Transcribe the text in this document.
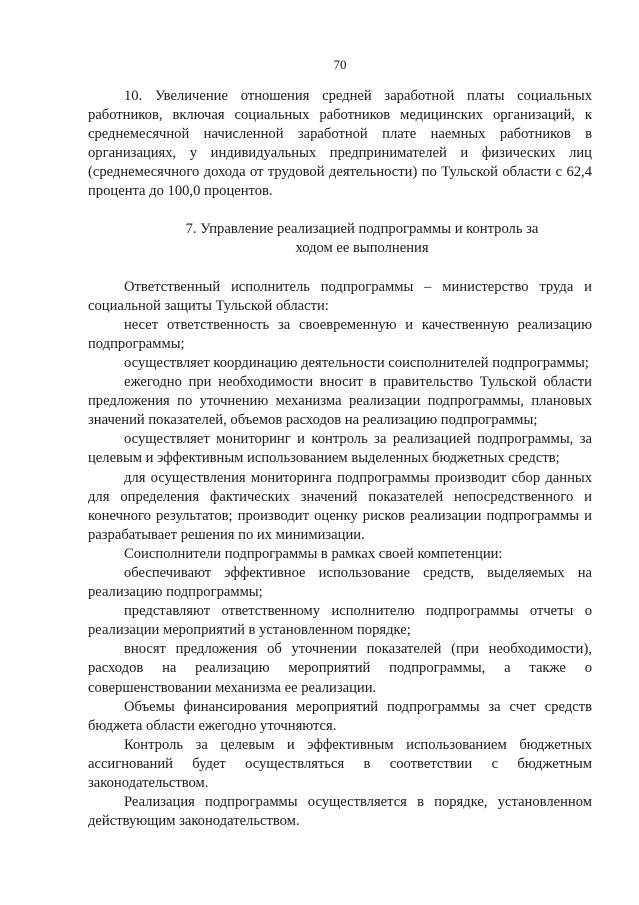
70

10. Увеличение отношения средней заработной платы социальных работников, включая социальных работников медицинских организаций, к среднемесячной начисленной заработной плате наемных работников в организациях, у индивидуальных предпринимателей и физических лиц (среднемесячного дохода от трудовой деятельности) по Тульской области с 62,4 процента до 100,0 процентов.

7. Управление реализацией подпрограммы и контроль за ходом ее выполнения

Ответственный исполнитель подпрограммы – министерство труда и социальной защиты Тульской области:

несет ответственность за своевременную и качественную реализацию подпрограммы;

осуществляет координацию деятельности соисполнителей подпрограммы;

ежегодно при необходимости вносит в правительство Тульской области предложения по уточнению механизма реализации подпрограммы, плановых значений показателей, объемов расходов на реализацию подпрограммы;

осуществляет мониторинг и контроль за реализацией подпрограммы, за целевым и эффективным использованием выделенных бюджетных средств;

для осуществления мониторинга подпрограммы производит сбор данных для определения фактических значений показателей непосредственного и конечного результатов; производит оценку рисков реализации подпрограммы и разрабатывает решения по их минимизации.

Соисполнители подпрограммы в рамках своей компетенции:

обеспечивают эффективное использование средств, выделяемых на реализацию подпрограммы;

представляют ответственному исполнителю подпрограммы отчеты о реализации мероприятий в установленном порядке;

вносят предложения об уточнении показателей (при необходимости), расходов на реализацию мероприятий подпрограммы, а также о совершенствовании механизма ее реализации.

Объемы финансирования мероприятий подпрограммы за счет средств бюджета области ежегодно уточняются.

Контроль за целевым и эффективным использованием бюджетных ассигнований будет осуществляться в соответствии с бюджетным законодательством.

Реализация подпрограммы осуществляется в порядке, установленном действующим законодательством.
